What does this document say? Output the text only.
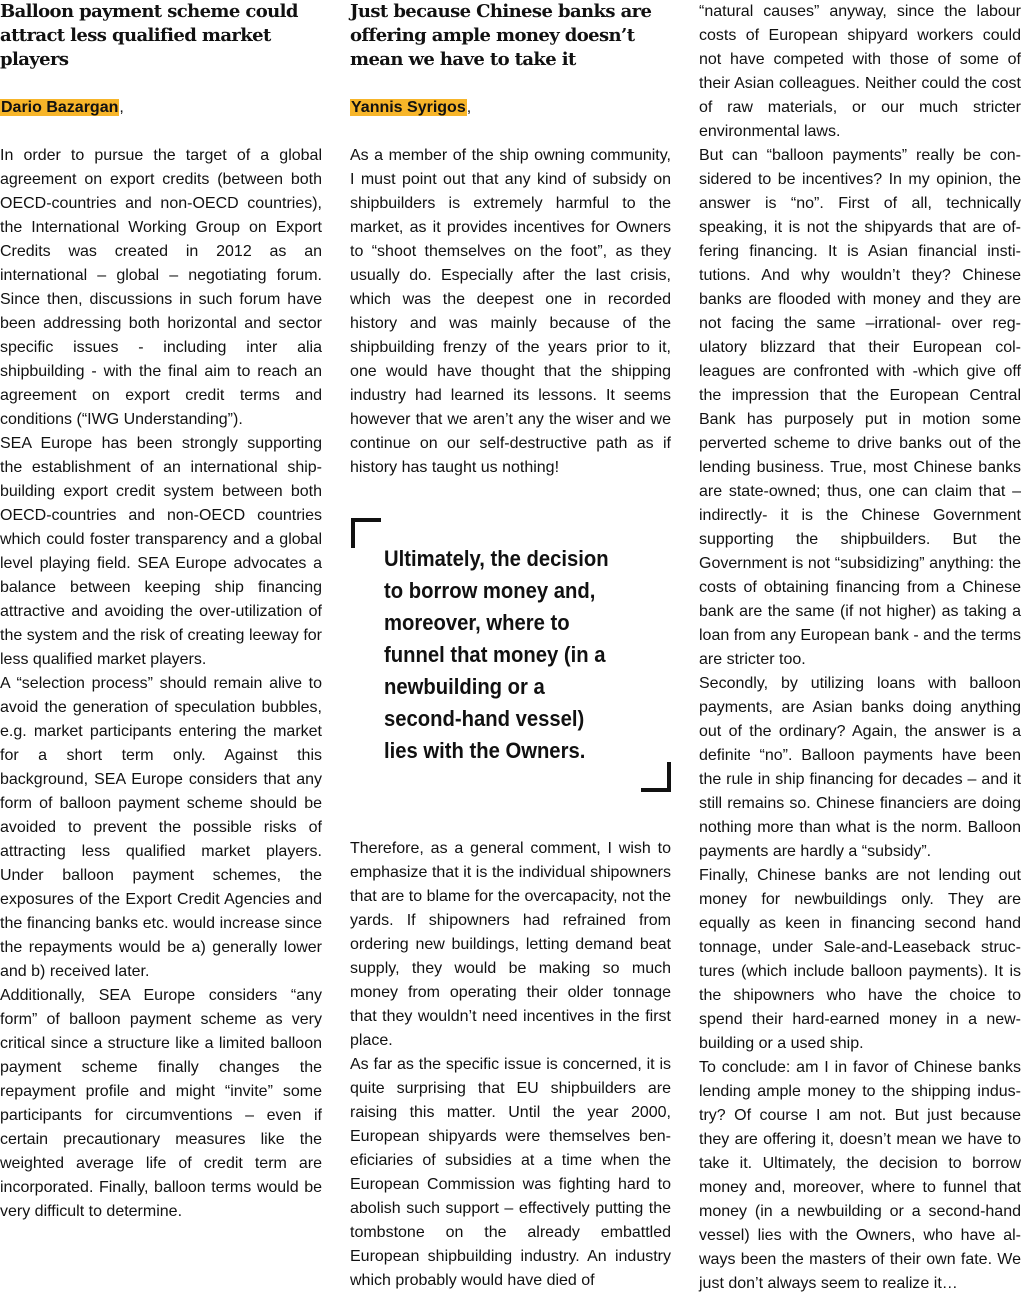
Balloon payment scheme could attract less qualified market players
Dario Bazargan,

In order to pursue the target of a global agreement on export credits (between both OECD-countries and non-OECD countries), the International Working Group on Export Credits was created in 2012 as an international – global – negotiating forum. Since then, discussions in such forum have been addressing both horizontal and sector specific issues - including inter alia shipbuilding - with the final aim to reach an agreement on export credit terms and conditions (“IWG Understanding”).

SEA Europe has been strongly supporting the establishment of an international shipbuilding export credit system between both OECD-countries and non-OECD countries which could foster transparency and a global level playing field. SEA Europe advocates a balance between keeping ship financing attractive and avoiding the over-utilization of the system and the risk of creating leeway for less qualified market players.

A “selection process” should remain alive to avoid the generation of speculation bubbles, e.g. market participants entering the market for a short term only. Against this background, SEA Europe considers that any form of balloon payment scheme should be avoided to prevent the possible risks of attracting less qualified market players. Under balloon payment schemes, the exposures of the Export Credit Agencies and the financing banks etc. would increase since the repayments would be a) generally lower and b) received later.

Additionally, SEA Europe considers “any form” of balloon payment scheme as very critical since a structure like a limited balloon payment scheme finally changes the repayment profile and might “invite” some participants for circumventions – even if certain precautionary measures like the weighted average life of credit term are incorporated. Finally, balloon terms would be very difficult to determine.

Just because Chinese banks are offering ample money doesn’t mean we have to take it
Yannis Syrigos,

As a member of the ship owning community, I must point out that any kind of subsidy on shipbuilders is extremely harmful to the market, as it provides incentives for Owners to “shoot themselves on the foot”, as they usually do. Especially after the last crisis, which was the deepest one in recorded history and was mainly because of the shipbuilding frenzy of the years prior to it, one would have thought that the shipping industry had learned its lessons. It seems however that we aren’t any the wiser and we continue on our self-destructive path as if history has taught us nothing!

Therefore, as a general comment, I wish to emphasize that it is the individual shipowners that are to blame for the overcapacity, not the yards. If shipowners had refrained from ordering new buildings, letting demand beat supply, they would be making so much money from operating their older tonnage that they wouldn’t need incentives in the first place.

As far as the specific issue is concerned, it is quite surprising that EU shipbuilders are raising this matter. Until the year 2000, European shipyards were themselves beneficiaries of subsidies at a time when the European Commission was fighting hard to abolish such support – effectively putting the tombstone on the already embattled European shipbuilding industry. An industry which probably would have died of

Ultimately, the decision to borrow money and, moreover, where to funnel that money (in a newbuilding or a second-hand vessel) lies with the Owners.

“natural causes” anyway, since the labour costs of European shipyard workers could not have competed with those of some of their Asian colleagues. Neither could the cost of raw materials, or our much stricter environmental laws.

But can “balloon payments” really be considered to be incentives? In my opinion, the answer is “no”. First of all, technically speaking, it is not the shipyards that are offering financing. It is Asian financial institutions. And why wouldn’t they? Chinese banks are flooded with money and they are not facing the same –irrational- over regulatory blizzard that their European colleagues are confronted with -which give off the impression that the European Central Bank has purposely put in motion some perverted scheme to drive banks out of the lending business. True, most Chinese banks are state-owned; thus, one can claim that –indirectly- it is the Chinese Government supporting the shipbuilders. But the Government is not “subsidizing” anything: the costs of obtaining financing from a Chinese bank are the same (if not higher) as taking a loan from any European bank - and the terms are stricter too.

Secondly, by utilizing loans with balloon payments, are Asian banks doing anything out of the ordinary? Again, the answer is a definite “no”. Balloon payments have been the rule in ship financing for decades – and it still remains so. Chinese financiers are doing nothing more than what is the norm. Balloon payments are hardly a “subsidy”.

Finally, Chinese banks are not lending out money for newbuildings only. They are equally as keen in financing second hand tonnage, under Sale-and-Leaseback structures (which include balloon payments). It is the shipowners who have the choice to spend their hard-earned money in a newbuilding or a used ship.

To conclude: am I in favor of Chinese banks lending ample money to the shipping industry? Of course I am not. But just because they are offering it, doesn’t mean we have to take it. Ultimately, the decision to borrow money and, moreover, where to funnel that money (in a newbuilding or a second-hand vessel) lies with the Owners, who have always been the masters of their own fate. We just don’t always seem to realize it…
